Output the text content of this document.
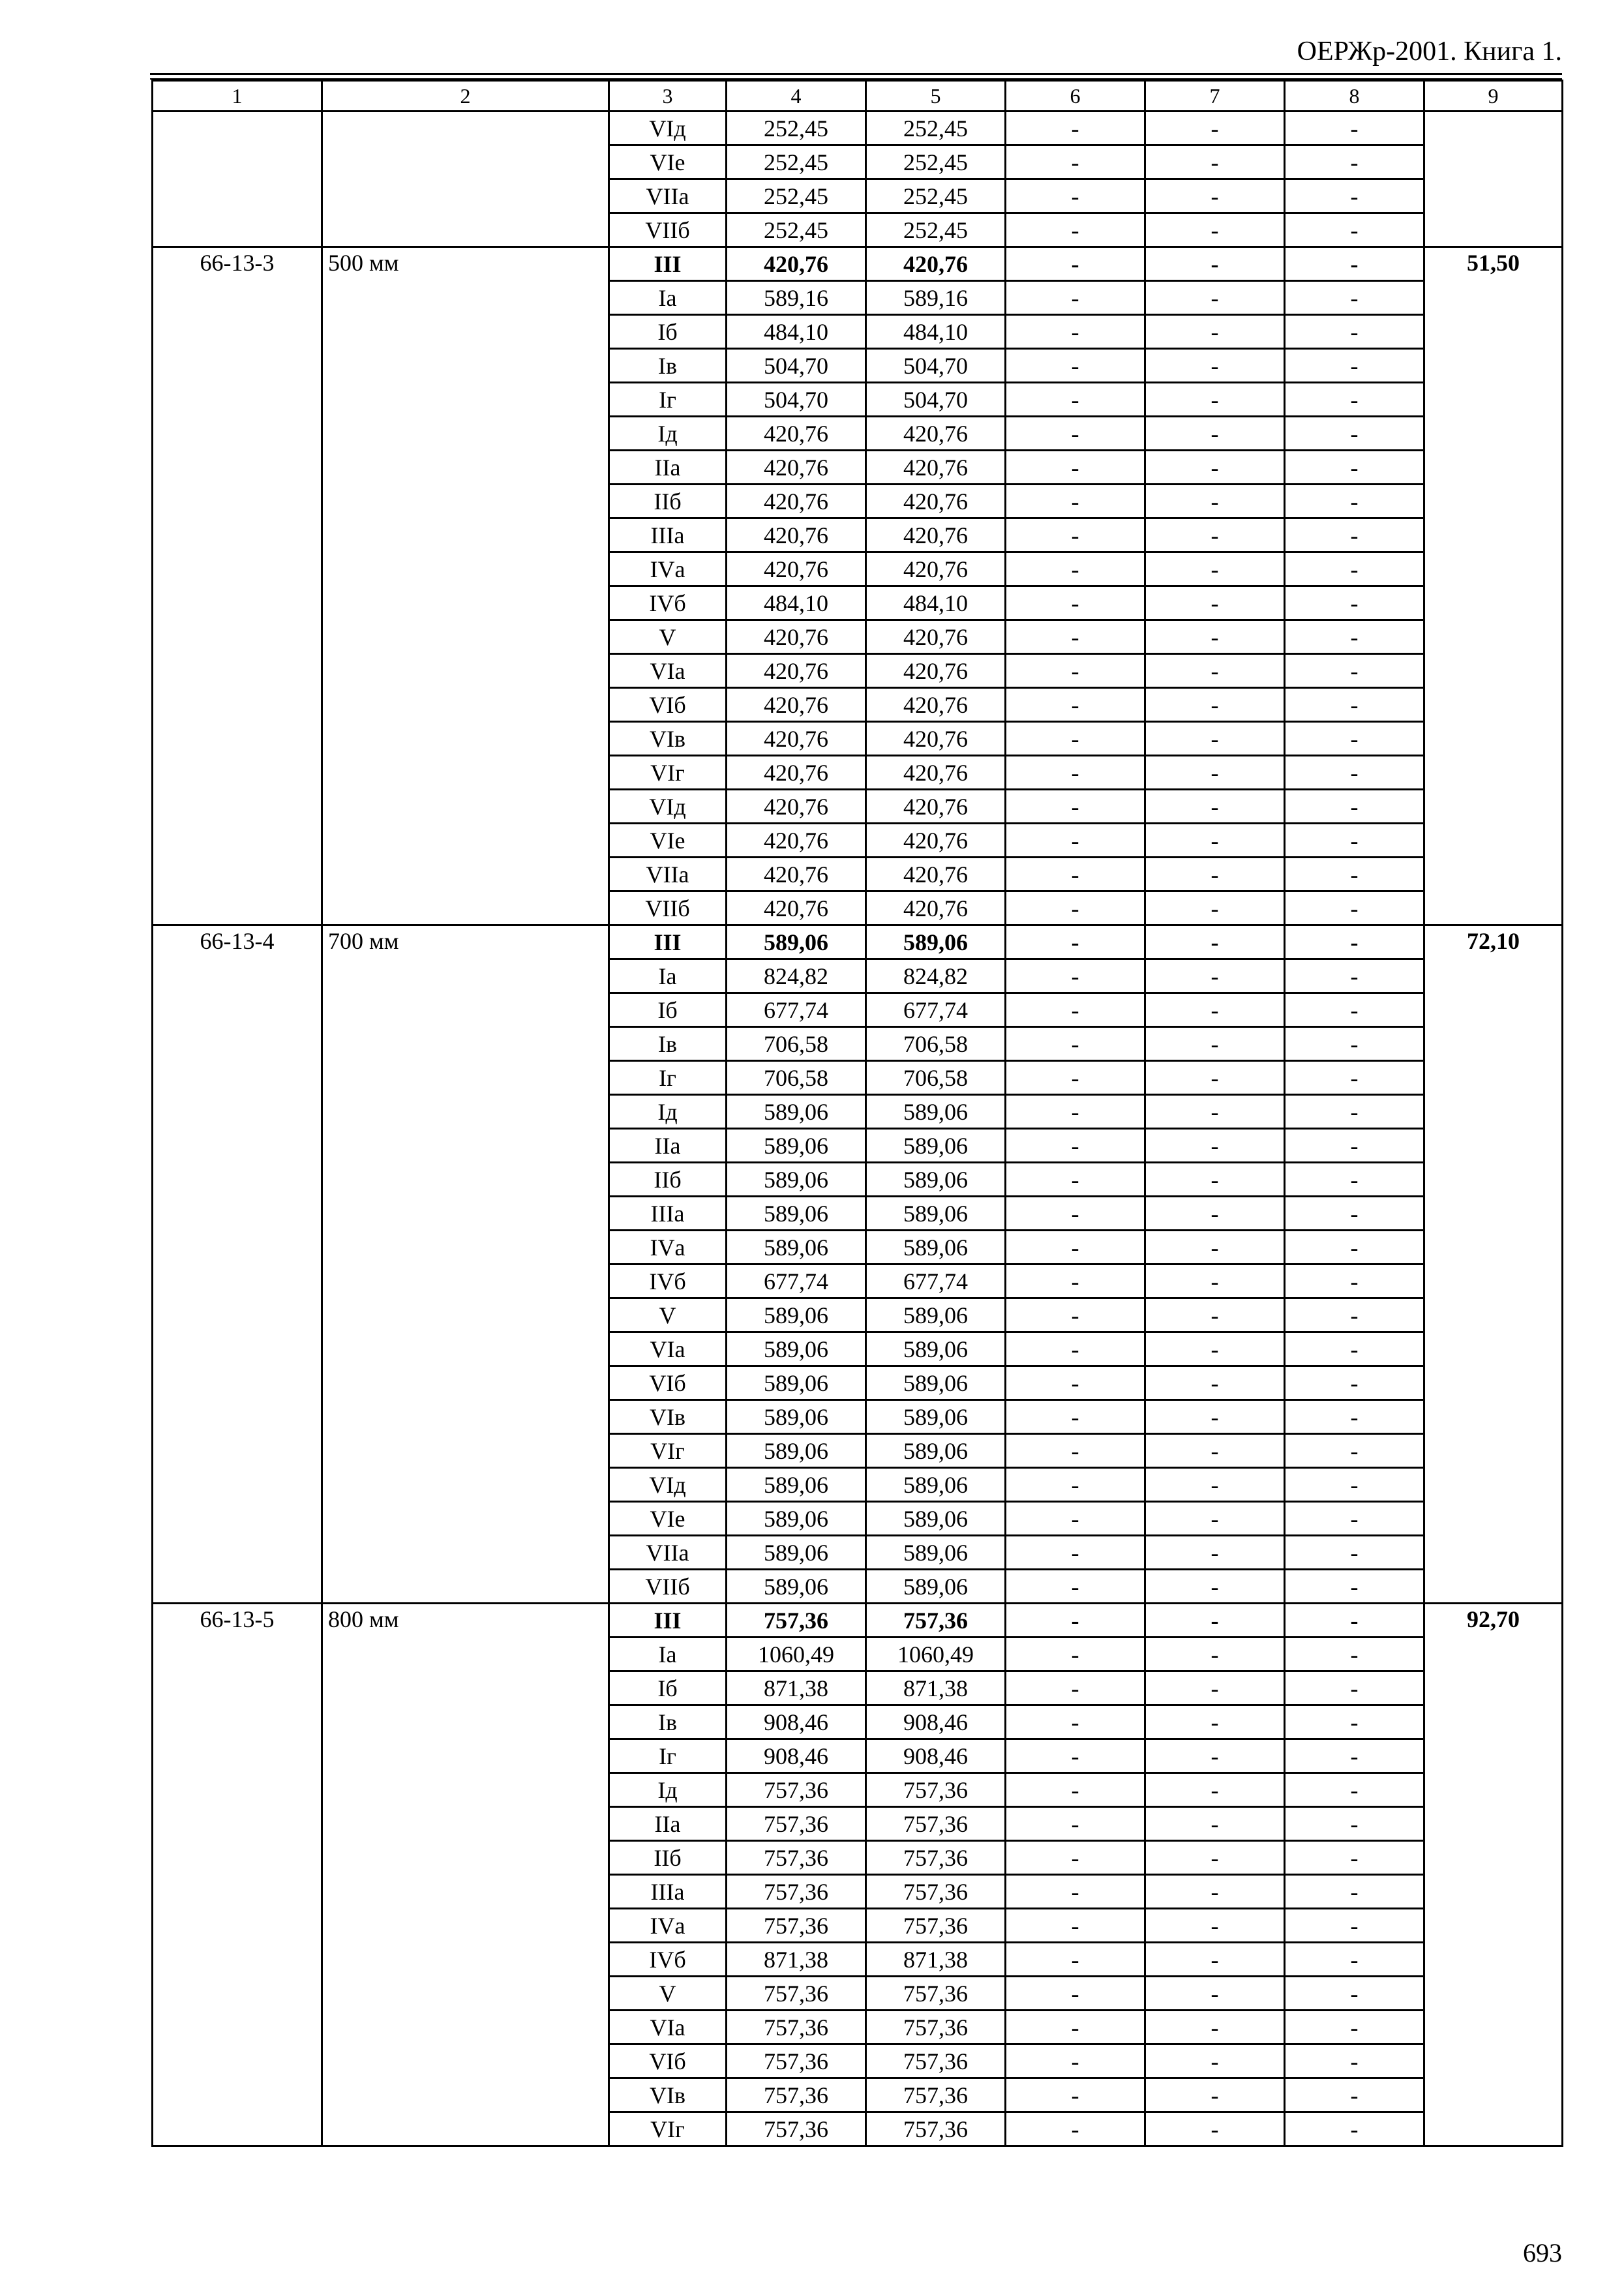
ОЕРЖр-2001. Книга 1.
1	2	3	4	5	6	7	8	9
		VIд	252,45	252,45	-	-	-	
		VIе	252,45	252,45	-	-	-	
		VIIа	252,45	252,45	-	-	-	
		VIIб	252,45	252,45	-	-	-	
66-13-3	500 мм	III	420,76	420,76	-	-	-	51,50
		Iа	589,16	589,16	-	-	-	
		Iб	484,10	484,10	-	-	-	
		Iв	504,70	504,70	-	-	-	
		Iг	504,70	504,70	-	-	-	
		Iд	420,76	420,76	-	-	-	
		IIа	420,76	420,76	-	-	-	
		IIб	420,76	420,76	-	-	-	
		IIIа	420,76	420,76	-	-	-	
		IVа	420,76	420,76	-	-	-	
		IVб	484,10	484,10	-	-	-	
		V	420,76	420,76	-	-	-	
		VIа	420,76	420,76	-	-	-	
		VIб	420,76	420,76	-	-	-	
		VIв	420,76	420,76	-	-	-	
		VIг	420,76	420,76	-	-	-	
		VIд	420,76	420,76	-	-	-	
		VIе	420,76	420,76	-	-	-	
		VIIа	420,76	420,76	-	-	-	
		VIIб	420,76	420,76	-	-	-	
66-13-4	700 мм	III	589,06	589,06	-	-	-	72,10
		Iа	824,82	824,82	-	-	-	
		Iб	677,74	677,74	-	-	-	
		Iв	706,58	706,58	-	-	-	
		Iг	706,58	706,58	-	-	-	
		Iд	589,06	589,06	-	-	-	
		IIа	589,06	589,06	-	-	-	
		IIб	589,06	589,06	-	-	-	
		IIIа	589,06	589,06	-	-	-	
		IVа	589,06	589,06	-	-	-	
		IVб	677,74	677,74	-	-	-	
		V	589,06	589,06	-	-	-	
		VIа	589,06	589,06	-	-	-	
		VIб	589,06	589,06	-	-	-	
		VIв	589,06	589,06	-	-	-	
		VIг	589,06	589,06	-	-	-	
		VIд	589,06	589,06	-	-	-	
		VIе	589,06	589,06	-	-	-	
		VIIа	589,06	589,06	-	-	-	
		VIIб	589,06	589,06	-	-	-	
66-13-5	800 мм	III	757,36	757,36	-	-	-	92,70
		Iа	1060,49	1060,49	-	-	-	
		Iб	871,38	871,38	-	-	-	
		Iв	908,46	908,46	-	-	-	
		Iг	908,46	908,46	-	-	-	
		Iд	757,36	757,36	-	-	-	
		IIа	757,36	757,36	-	-	-	
		IIб	757,36	757,36	-	-	-	
		IIIа	757,36	757,36	-	-	-	
		IVа	757,36	757,36	-	-	-	
		IVб	871,38	871,38	-	-	-	
		V	757,36	757,36	-	-	-	
		VIа	757,36	757,36	-	-	-	
		VIб	757,36	757,36	-	-	-	
		VIв	757,36	757,36	-	-	-	
		VIг	757,36	757,36	-	-	-	
693
